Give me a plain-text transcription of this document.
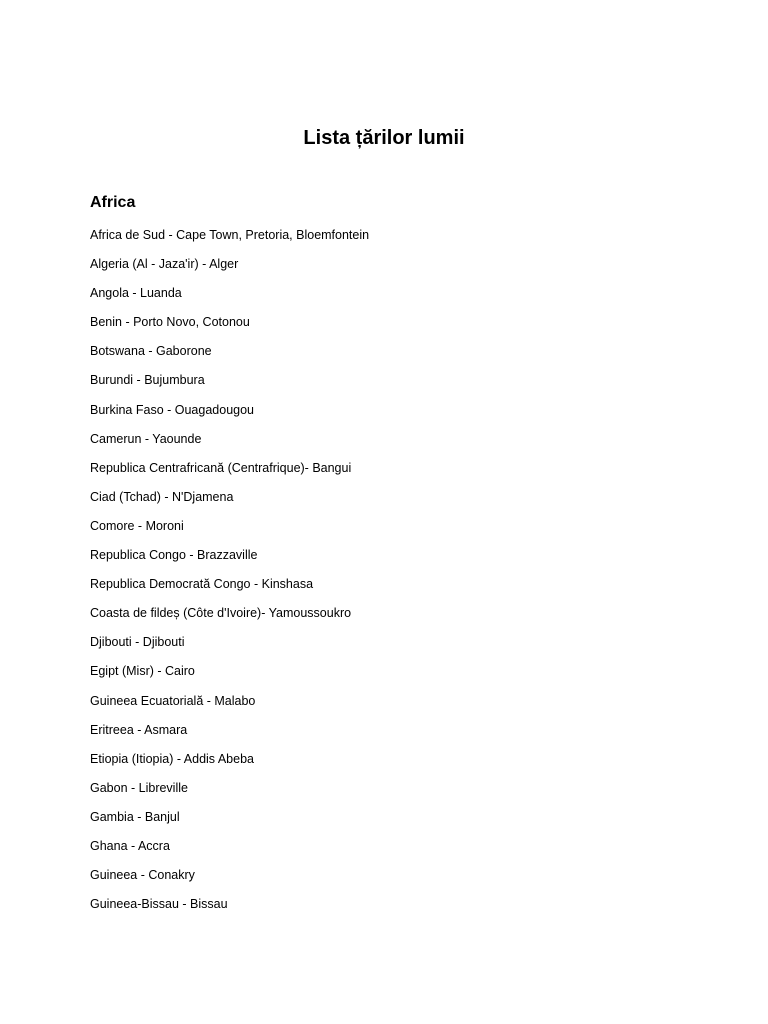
Lista țărilor lumii
Africa
Africa de Sud - Cape Town, Pretoria, Bloemfontein
Algeria (Al - Jaza'ir) - Alger
Angola - Luanda
Benin - Porto Novo, Cotonou
Botswana - Gaborone
Burundi - Bujumbura
Burkina Faso - Ouagadougou
Camerun - Yaounde
Republica Centrafricană (Centrafrique)- Bangui
Ciad (Tchad) - N'Djamena
Comore - Moroni
Republica Congo - Brazzaville
Republica Democrată Congo - Kinshasa
Coasta de fildeș (Côte d'Ivoire)- Yamoussoukro
Djibouti - Djibouti
Egipt (Misr) - Cairo
Guineea Ecuatorială - Malabo
Eritreea - Asmara
Etiopia (Itiopia) - Addis Abeba
Gabon - Libreville
Gambia - Banjul
Ghana - Accra
Guineea - Conakry
Guineea-Bissau - Bissau
